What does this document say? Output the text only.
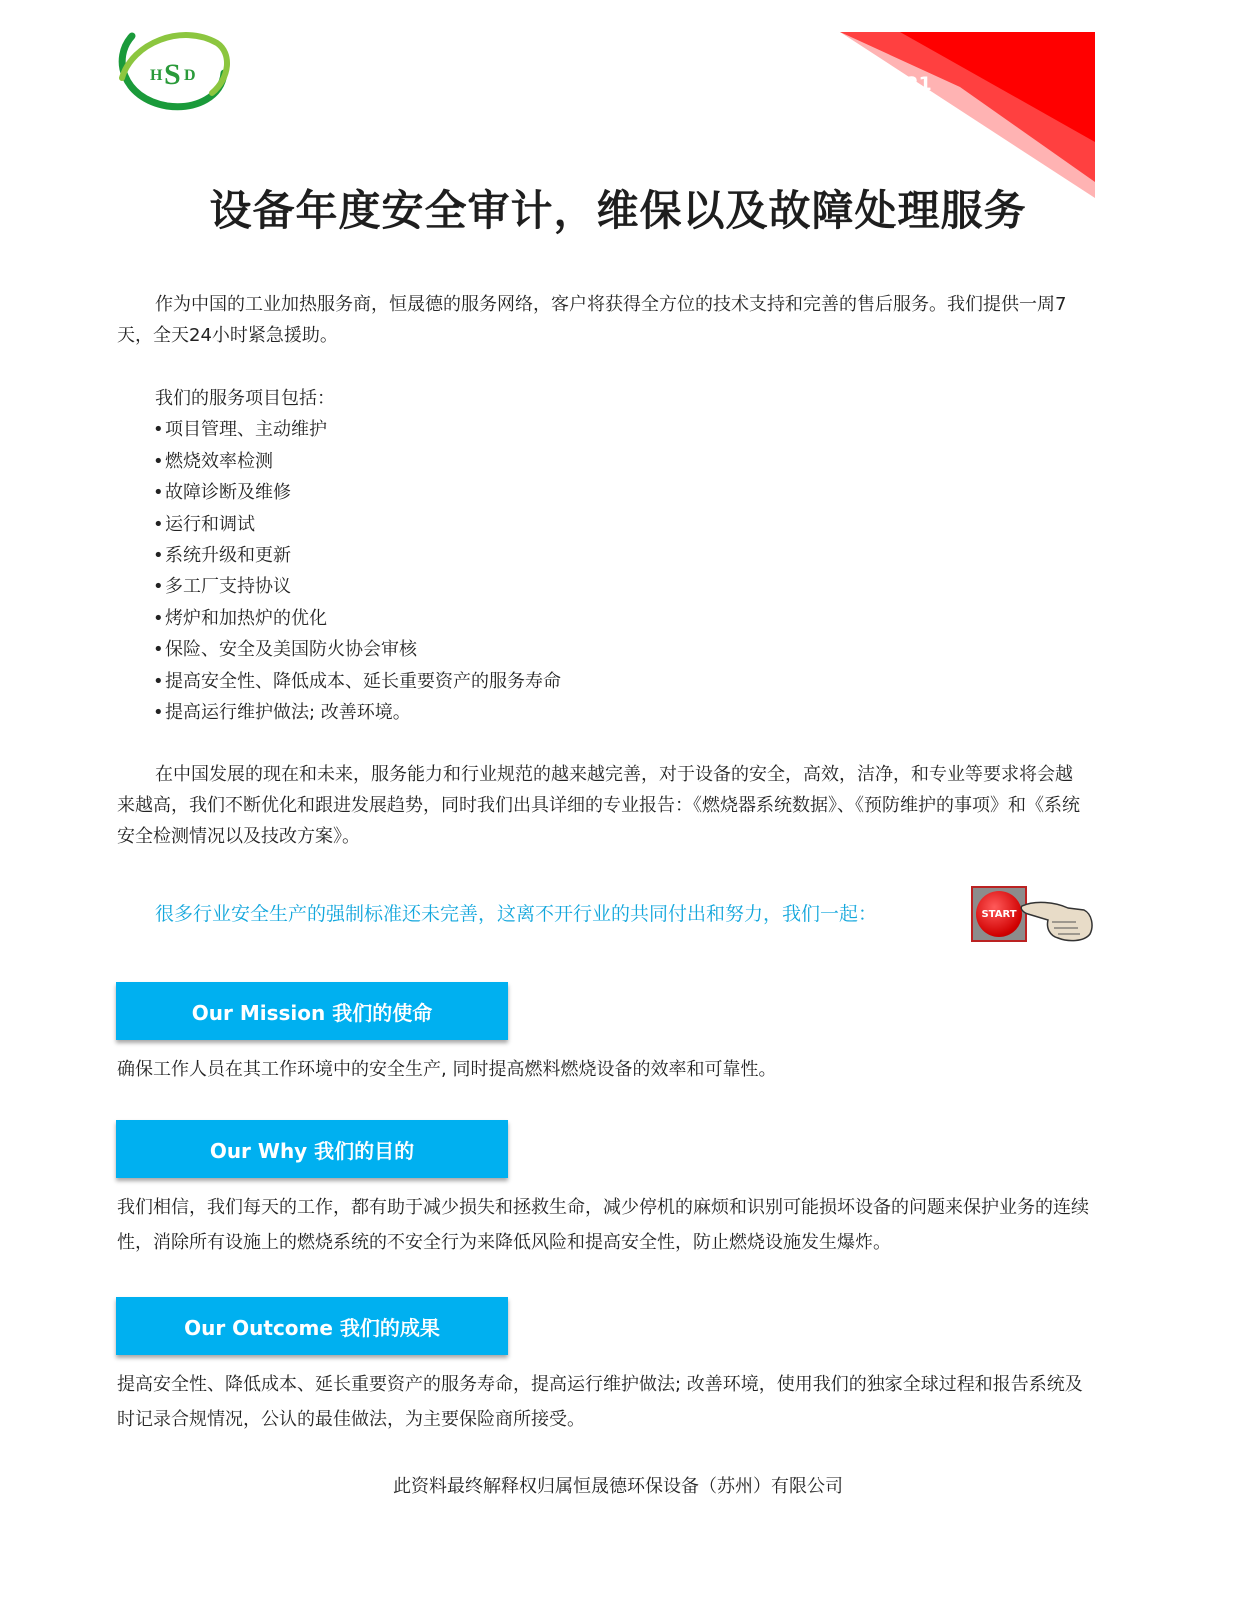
H S D	公告 2021
V1.0
设备年度安全审计，维保以及故障处理服务

作为中国的工业加热服务商，恒晟德的服务网络，客户将获得全方位的技术支持和完善的售后服务。我们提供一周7天，全天24小时紧急援助。

我们的服务项目包括：
•项目管理、主动维护
•燃烧效率检测
•故障诊断及维修
•运行和调试
•系统升级和更新
•多工厂支持协议
•烤炉和加热炉的优化
•保险、安全及美国防火协会审核
•提高安全性、降低成本、延长重要资产的服务寿命
•提高运行维护做法; 改善环境。

在中国发展的现在和未来，服务能力和行业规范的越来越完善，对于设备的安全，高效，洁净，和专业等要求将会越来越高，我们不断优化和跟进发展趋势，同时我们出具详细的专业报告：《燃烧器系统数据》、《预防维护的事项》和《系统安全检测情况以及技改方案》。

很多行业安全生产的强制标准还未完善，这离不开行业的共同付出和努力，我们一起：	START
Our Mission 我们的使命
确保工作人员在其工作环境中的安全生产, 同时提高燃料燃烧设备的效率和可靠性。
Our Why 我们的目的
我们相信，我们每天的工作，都有助于减少损失和拯救生命，减少停机的麻烦和识别可能损坏设备的问题来保护业务的连续性，消除所有设施上的燃烧系统的不安全行为来降低风险和提高安全性，防止燃烧设施发生爆炸。
Our Outcome 我们的成果
提高安全性、降低成本、延长重要资产的服务寿命，提高运行维护做法; 改善环境，使用我们的独家全球过程和报告系统及时记录合规情况，公认的最佳做法，为主要保险商所接受。
此资料最终解释权归属恒晟德环保设备（苏州）有限公司
